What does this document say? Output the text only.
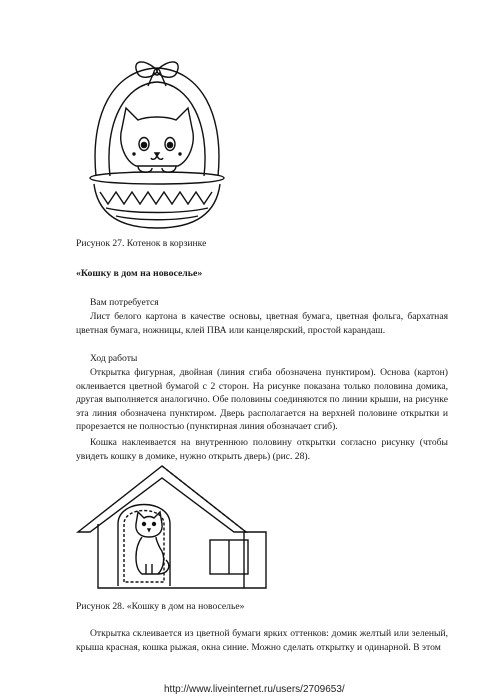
Рисунок 27. Котенок в корзинке
«Кошку в дом на новоселье»
Вам потребуется

Лист белого картона в качестве основы, цветная бумага, цветная фольга, бархатная цветная бумага, ножницы, клей ПВА или канцелярский, простой карандаш.

Ход работы

Открытка фигурная, двойная (линия сгиба обозначена пунктиром). Основа (картон) оклеивается цветной бумагой с 2 сторон. На рисунке показана только половина домика, другая выполняется аналогично. Обе половины соединяются по линии крыши, на рисунке эта линия обозначена пунктиром. Дверь располагается на верхней половине открытки и прорезается не полностью (пунктирная линия обозначает сгиб).

Кошка наклеивается на внутреннюю половину открытки согласно рисунку (чтобы увидеть кошку в домике, нужно открыть дверь) (рис. 28).

Рисунок 28. «Кошку в дом на новоселье»

Открытка склеивается из цветной бумаги ярких оттенков: домик желтый или зеленый, крыша красная, кошка рыжая, окна синие. Можно сделать открытку и одинарной. В этом

http://www.liveinternet.ru/users/2709653/
